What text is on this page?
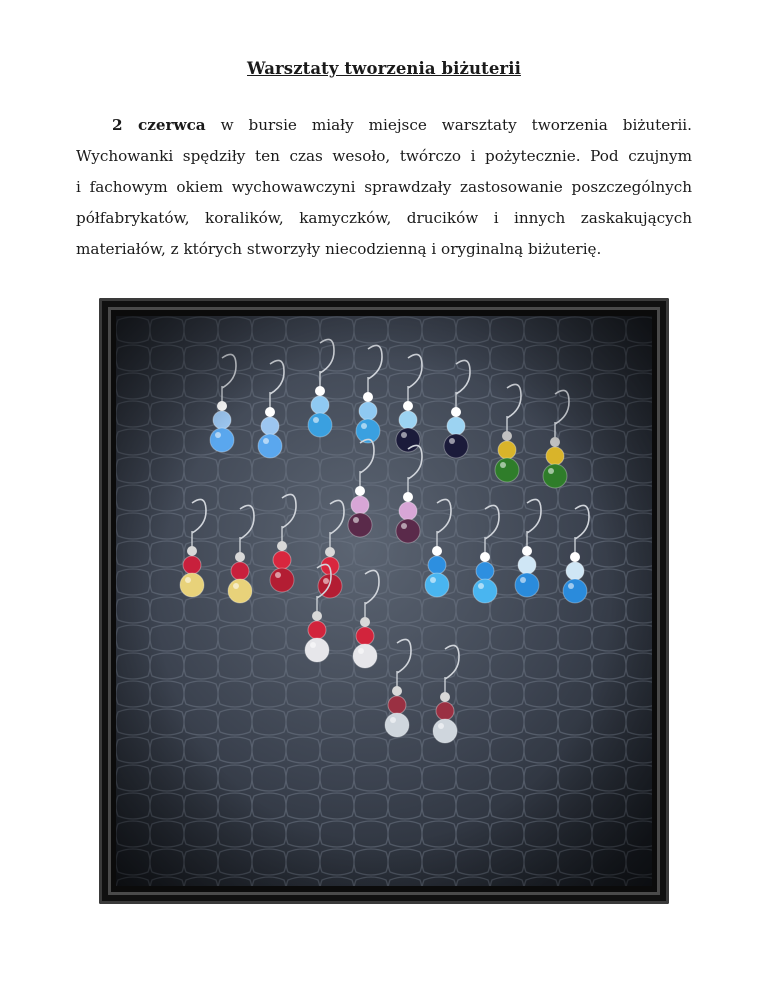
Warsztaty tworzenia biżuterii
2 czerwca w bursie miały miejsce warsztaty tworzenia biżuterii.
Wychowanki spędziły ten czas wesoło, twórczo i pożytecznie. Pod czujnym
i fachowym okiem wychowawczyni sprawdzały zastosowanie poszczególnych
półfabrykatów, koralików, kamyczków, drucików i innych zaskakujących
materiałów, z których stworzyły niecodzienną i oryginalną biżuterię.
